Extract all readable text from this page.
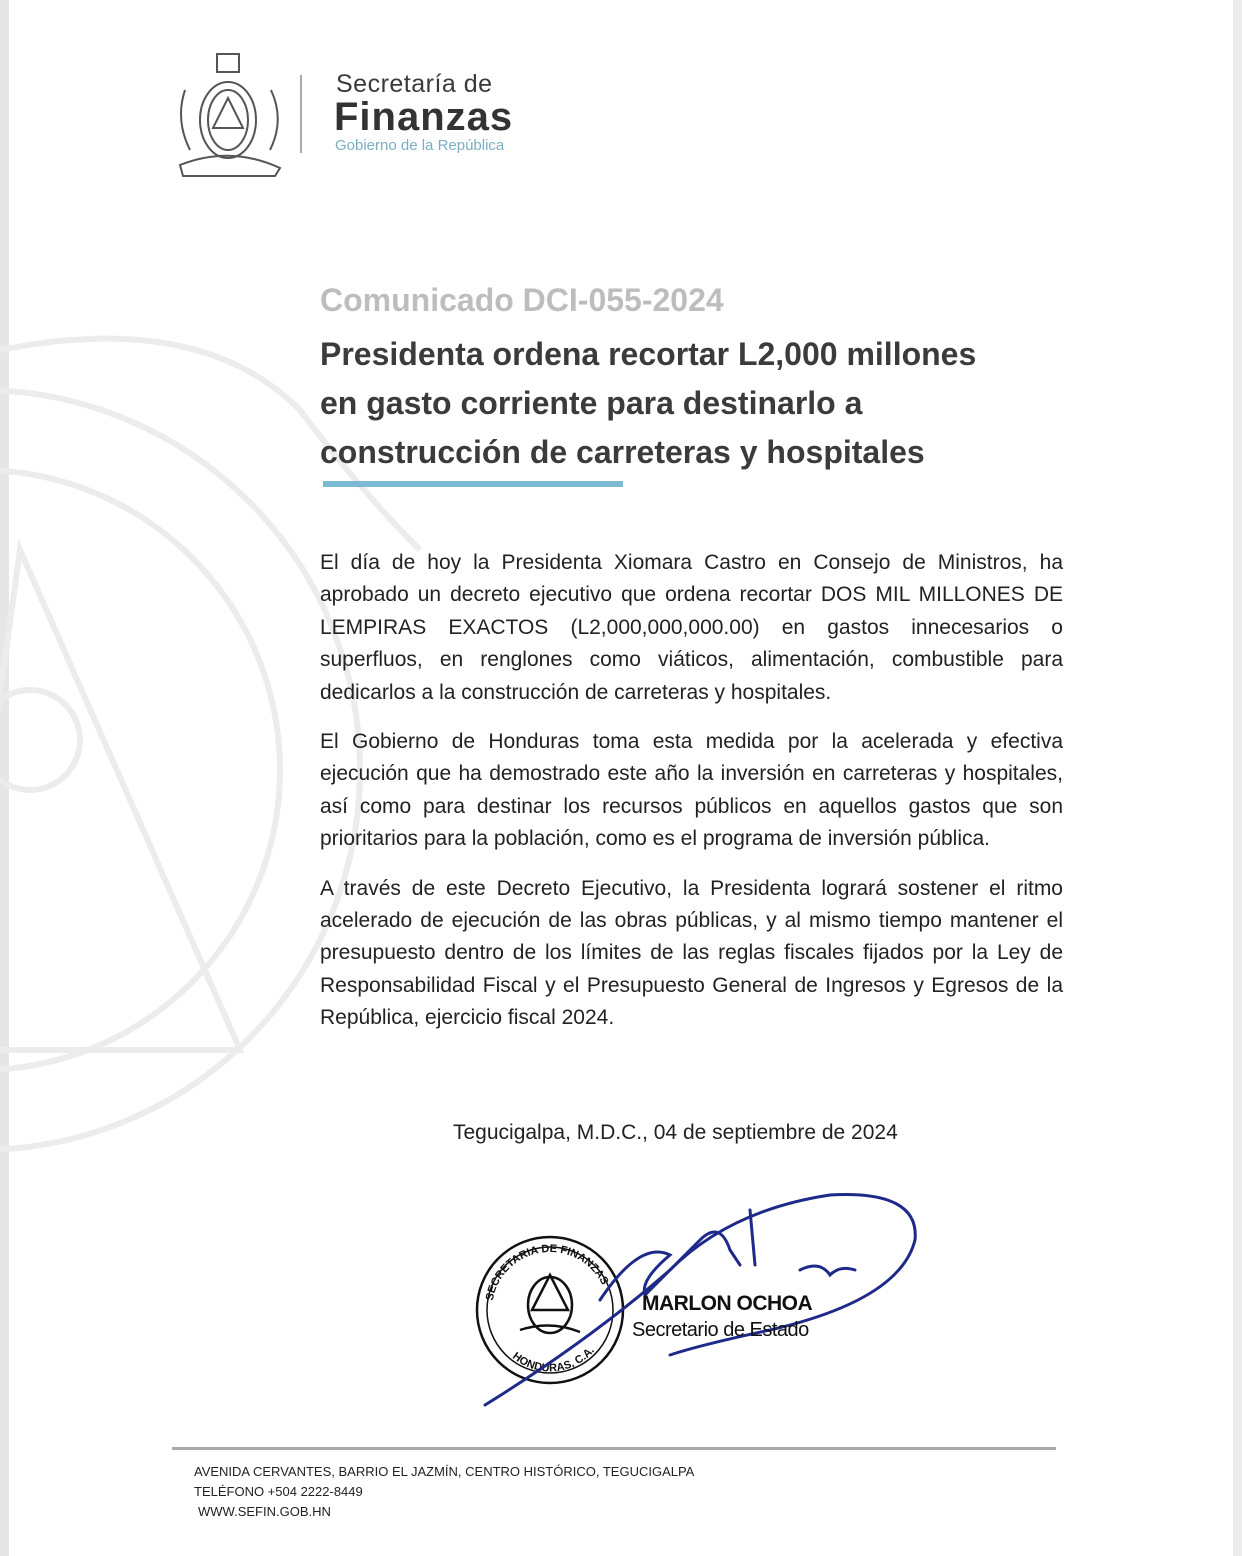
Secretaría de
Finanzas
Gobierno de la República
Comunicado DCI-055-2024
Presidenta ordena recortar L2,000 millones
en gasto corriente para destinarlo a
construcción de carreteras y hospitales

El día de hoy la Presidenta Xiomara Castro en Consejo de Ministros, ha aprobado un decreto ejecutivo que ordena recortar DOS MIL MILLONES DE LEMPIRAS EXACTOS (L2,000,000,000.00) en gastos innecesarios o superfluos, en renglones como viáticos, alimentación, combustible para dedicarlos a la construcción de carreteras y hospitales.

El Gobierno de Honduras toma esta medida por la acelerada y efectiva ejecución que ha demostrado este año la inversión en carreteras y hospitales, así como para destinar los recursos públicos en aquellos gastos que son prioritarios para la población, como es el programa de inversión pública.

A través de este Decreto Ejecutivo, la Presidenta logrará sostener el ritmo acelerado de ejecución de las obras públicas, y al mismo tiempo mantener el presupuesto dentro de los límites de las reglas fiscales fijados por la Ley de Responsabilidad Fiscal y el Presupuesto General de Ingresos y Egresos de la República, ejercicio fiscal 2024.

Tegucigalpa, M.D.C., 04 de septiembre de 2024
SECRETARIA DE FINANZAS
HONDURAS, C.A.
MARLON OCHOA
Secretario de Estado
AVENIDA CERVANTES, BARRIO EL JAZMÍN, CENTRO HISTÓRICO, TEGUCIGALPA
TELÉFONO +504 2222-8449
WWW.SEFIN.GOB.HN
